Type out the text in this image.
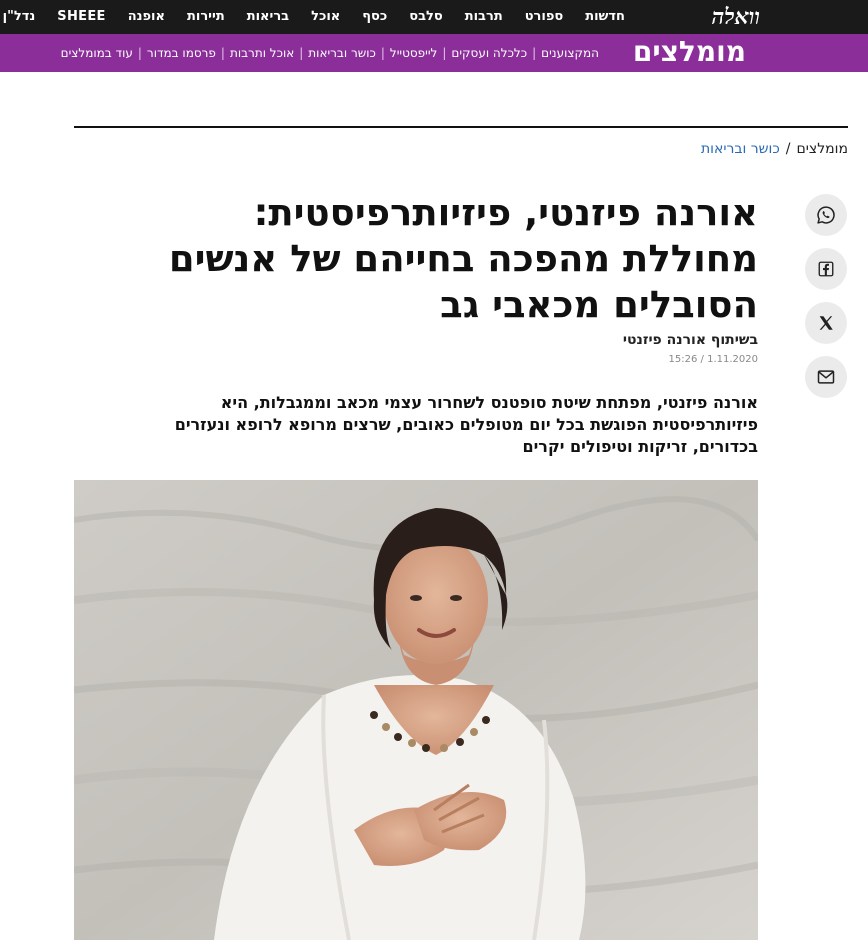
וואלה
חדשות
ספורט
תרבות
סלבס
כסף
אוכל
בריאות
תיירות
אופנה
SHEEE
נדל"ן
מומלצים
המקצוענים
|
כלכלה ועסקים
|
לייפסטייל
|
כושר ובריאות
|
אוכל ותרבות
|
פרסמו במדור
|
עוד במומלצים
מומלצים
/
כושר ובריאות
אורנה פיזנטי, פיזיותרפיסטית:
מחוללת מהפכה בחייהם של אנשים
הסובלים מכאבי גב
בשיתוף אורנה פיזנטי
1.11.2020 / 15:26

אורנה פיזנטי, מפתחת שיטת סופטנס לשחרור עצמי מכאב וממגבלות, היא פיזיותרפיסטית הפוגשת בכל יום מטופלים כאובים, שרצים מרופא לרופא ונעזרים בכדורים, זריקות וטיפולים יקרים
